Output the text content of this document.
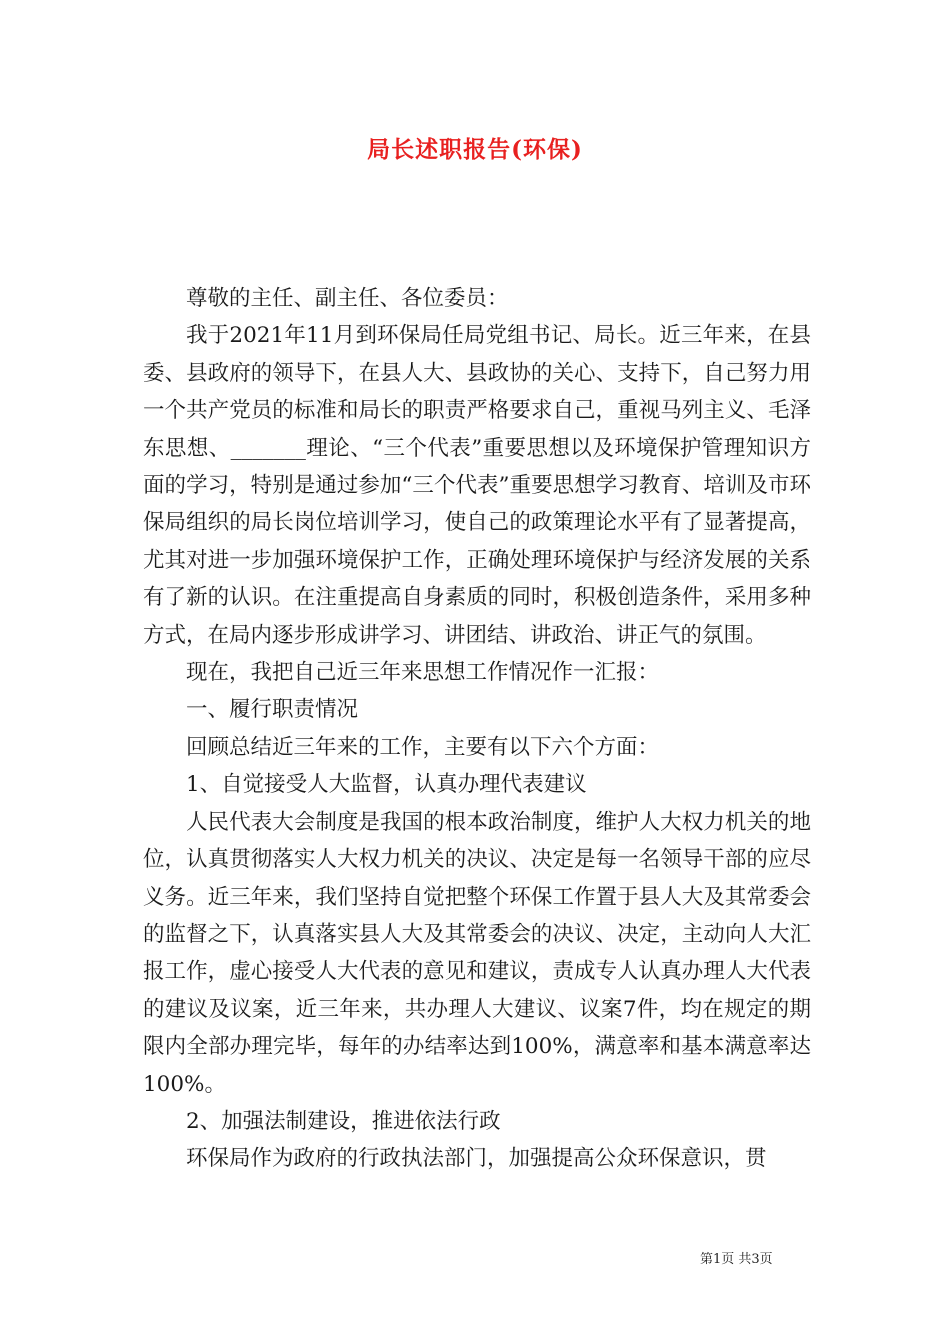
局长述职报告(环保)

尊敬的主任、副主任、各位委员：

我于2021年11月到环保局任局党组书记、局长。近三年来，在县委、县政府的领导下，在县人大、县政协的关心、支持下，自己努力用一个共产党员的标准和局长的职责严格要求自己，重视马列主义、毛泽东思想、_______理论、“三个代表”重要思想以及环境保护管理知识方面的学习，特别是通过参加“三个代表”重要思想学习教育、培训及市环保局组织的局长岗位培训学习，使自己的政策理论水平有了显著提高，尤其对进一步加强环境保护工作，正确处理环境保护与经济发展的关系有了新的认识。在注重提高自身素质的同时，积极创造条件，采用多种方式，在局内逐步形成讲学习、讲团结、讲政治、讲正气的氛围。

现在，我把自己近三年来思想工作情况作一汇报：

一、履行职责情况

回顾总结近三年来的工作，主要有以下六个方面：

1、自觉接受人大监督，认真办理代表建议

人民代表大会制度是我国的根本政治制度，维护人大权力机关的地位，认真贯彻落实人大权力机关的决议、决定是每一名领导干部的应尽义务。近三年来，我们坚持自觉把整个环保工作置于县人大及其常委会的监督之下，认真落实县人大及其常委会的决议、决定，主动向人大汇报工作，虚心接受人大代表的意见和建议，责成专人认真办理人大代表的建议及议案，近三年来，共办理人大建议、议案7件，均在规定的期限内全部办理完毕，每年的办结率达到100%，满意率和基本满意率达100%。

2、加强法制建设，推进依法行政

环保局作为政府的行政执法部门，加强提高公众环保意识，贯

第1页 共3页
